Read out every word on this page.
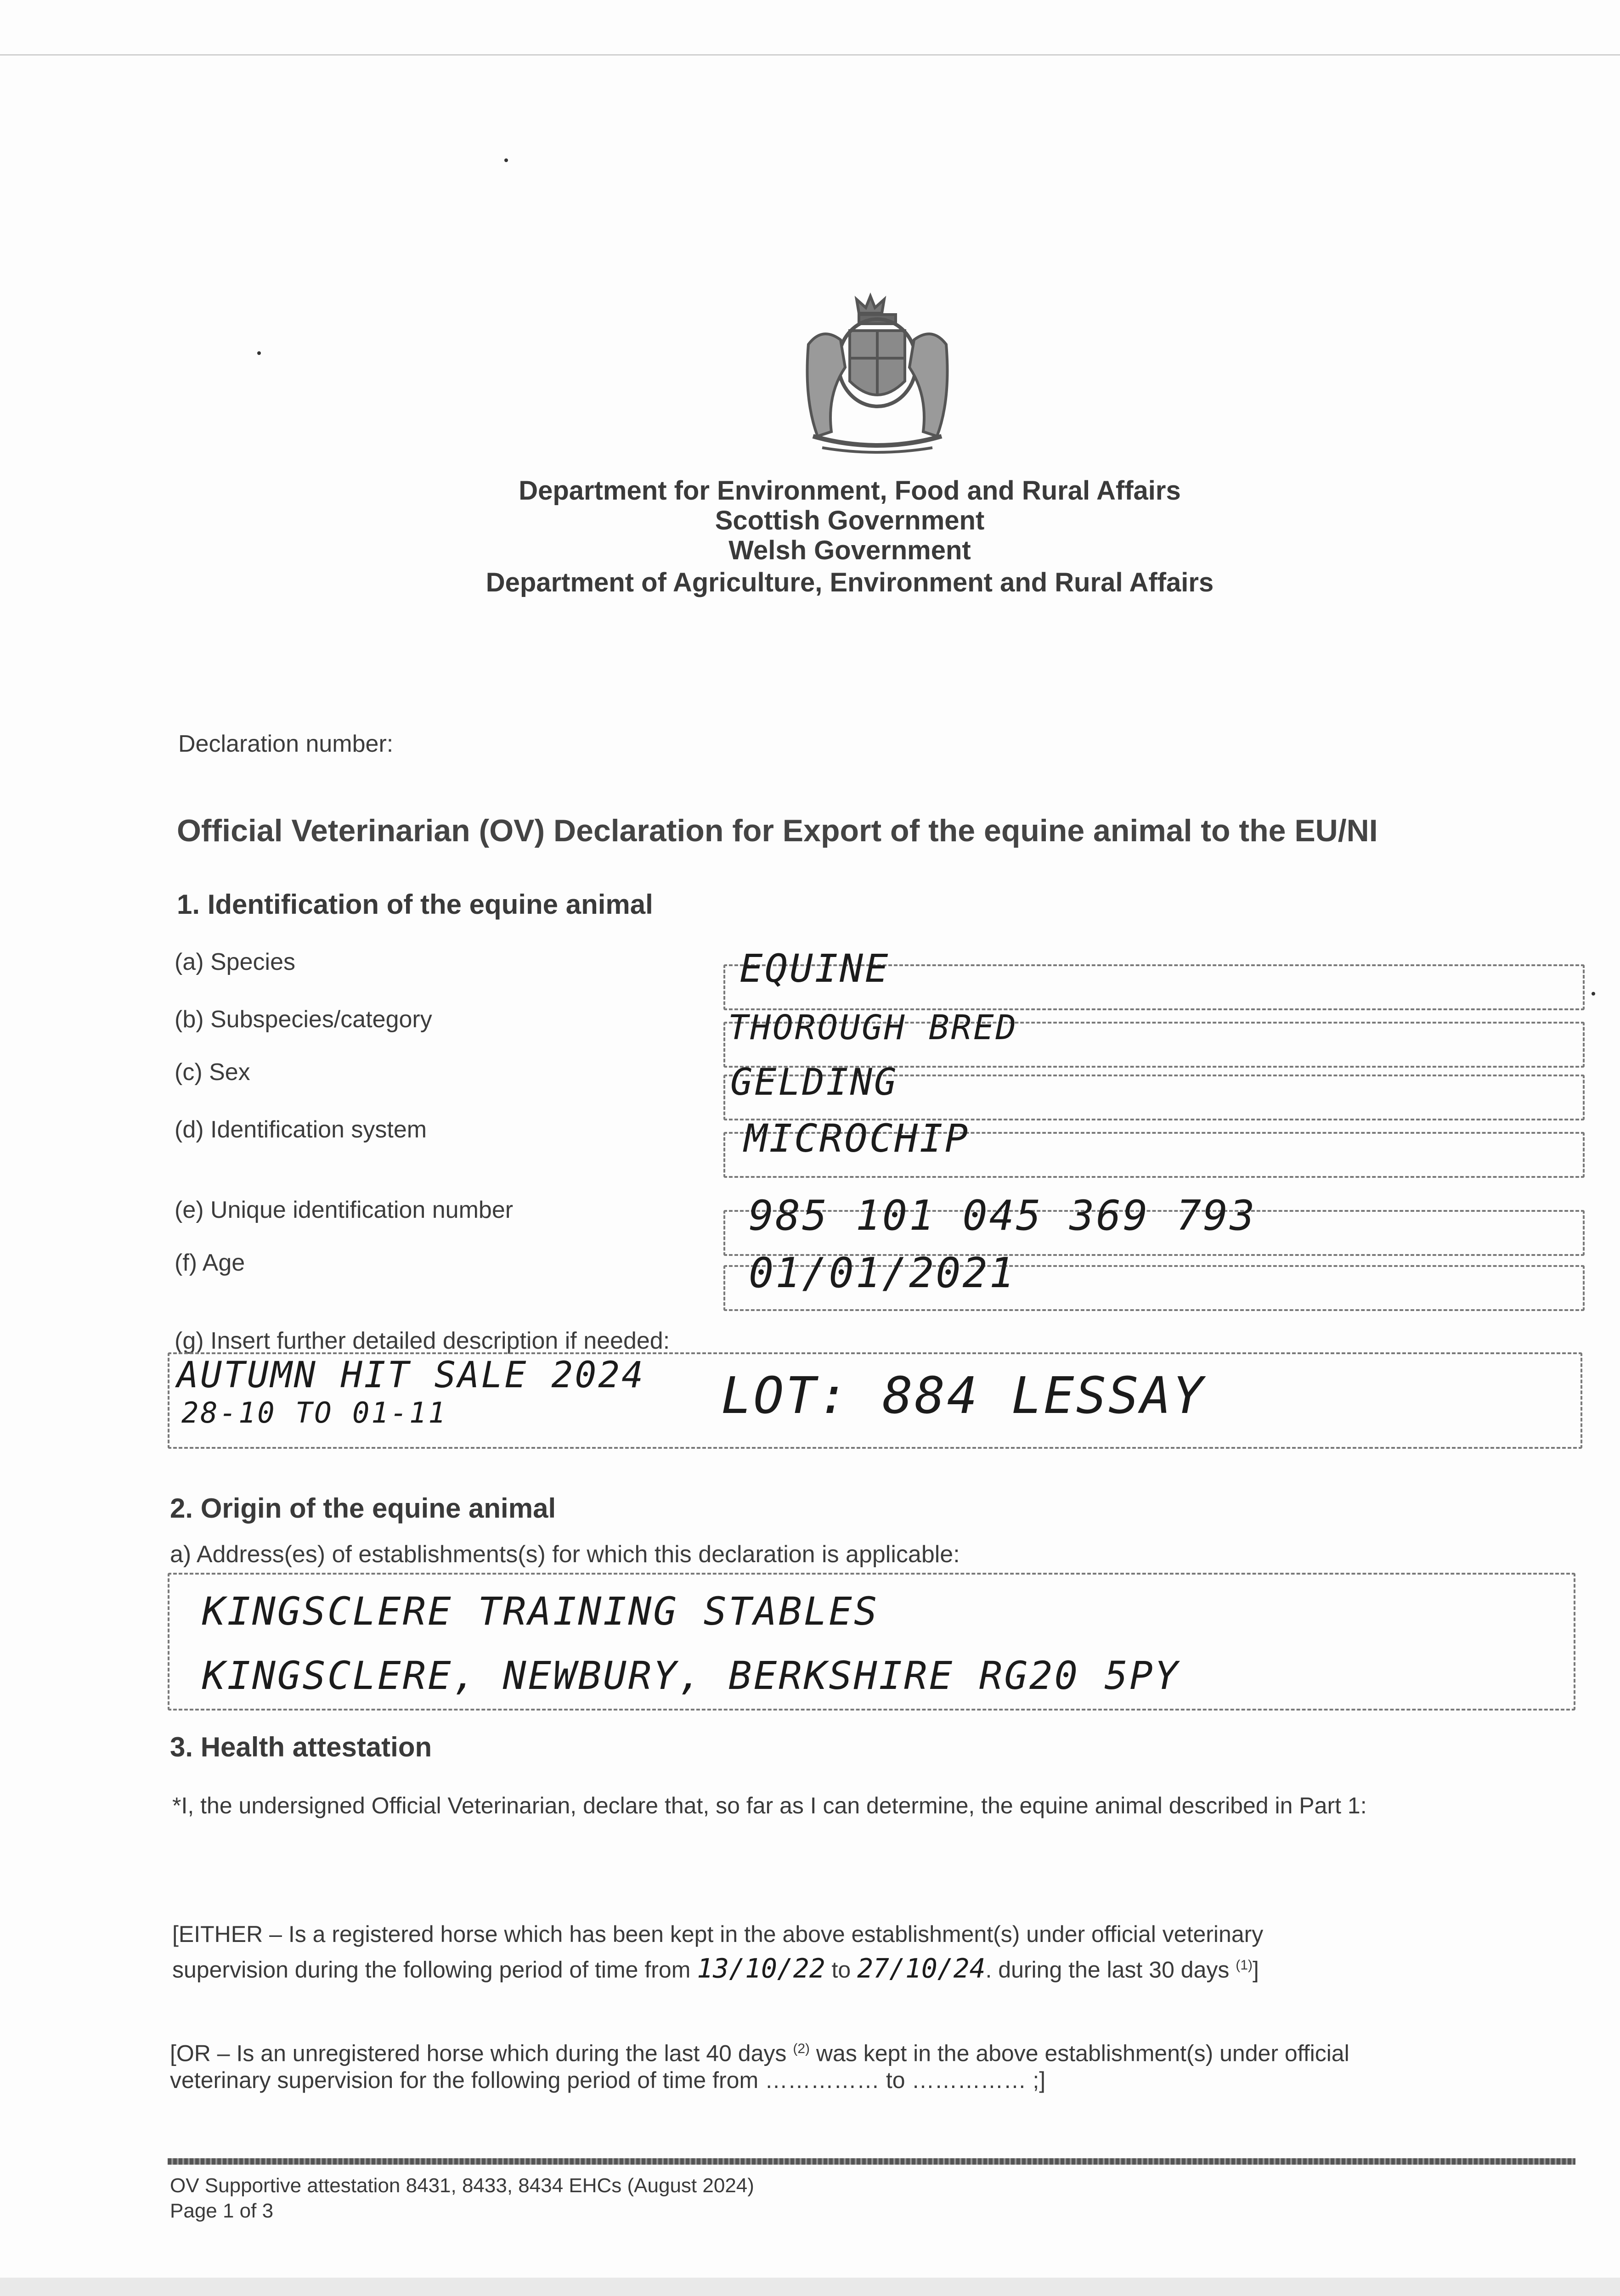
Department for Environment, Food and Rural Affairs
Scottish Government
Welsh Government
Department of Agriculture, Environment and Rural Affairs
Declaration number:
Official Veterinarian (OV) Declaration for Export of the equine animal to the EU/NI
1. Identification of the equine animal
(a) Species	EQUINE
(b) Subspecies/category	THOROUGH BRED
(c) Sex	GELDING
(d) Identification system	MICROCHIP
(e) Unique identification number	985 101 045 369 793
(f) Age	01/01/2021
(g) Insert further detailed description if needed:
AUTUMN HIT SALE 2024
28-10 TO 01-11	LOT: 884 LESSAY
2. Origin of the equine animal
a) Address(es) of establishments(s) for which this declaration is applicable:
KINGSCLERE TRAINING STABLES
KINGSCLERE, NEWBURY, BERKSHIRE RG20 5PY
3. Health attestation
*I, the undersigned Official Veterinarian, declare that, so far as I can determine, the equine animal described in Part 1:
[EITHER – Is a registered horse which has been kept in the above establishment(s) under official veterinary
supervision during the following period of time from 13/10/22 to 27/10/24. during the last 30 days $^{(1)}$]
[OR – Is an unregistered horse which during the last 40 days $^{(2)}$ was kept in the above establishment(s) under official
veterinary supervision for the following period of time from …………… to …………… ;]
OV Supportive attestation 8431, 8433, 8434 EHCs (August 2024)
Page 1 of 3
